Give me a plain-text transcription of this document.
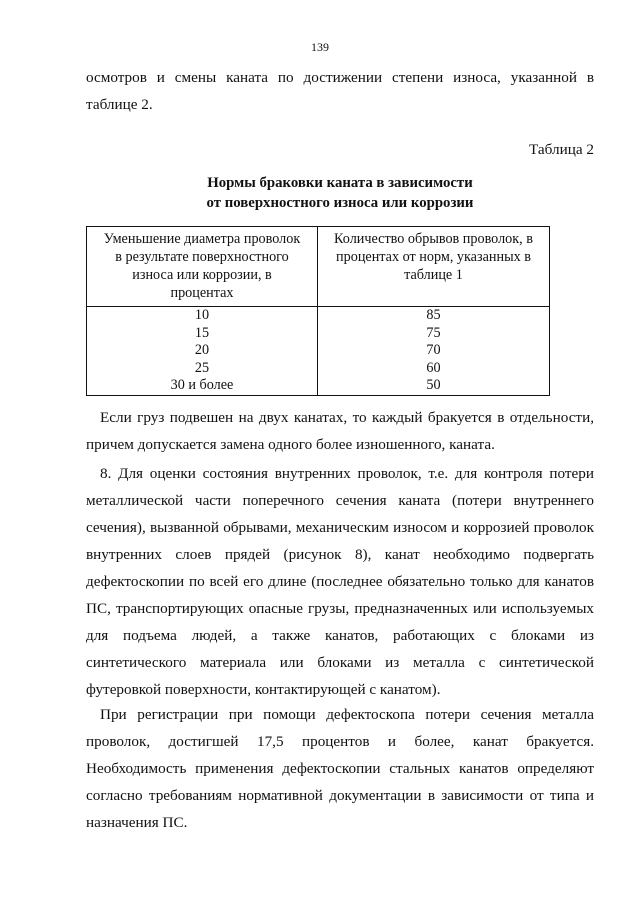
139

осмотров и смены каната по достижении степени износа, указанной в таблице 2.

Таблица 2
Нормы браковки каната в зависимости
от поверхностного износа или коррозии
Уменьшение диаметра проволок в результате поверхностного износа или коррозии, в процентах	Количество обрывов проволок, в процентах от норм, указанных в таблице 1
10	85
15	75
20	70
25	60
30 и более	50

Если груз подвешен на двух канатах, то каждый бракуется в отдельности, причем допускается замена одного более изношенного, каната.

8. Для оценки состояния внутренних проволок, т.е. для контроля потери металлической части поперечного сечения каната (потери внутреннего сечения), вызванной обрывами, механическим износом и коррозией проволок внутренних слоев прядей (рисунок 8), канат необходимо подвергать дефектоскопии по всей его длине (последнее обязательно только для канатов ПС, транспортирующих опасные грузы, предназначенных или используемых для подъема людей, а также канатов, работающих с блоками из синтетического материала или блоками из металла с синтетической футеровкой поверхности, контактирующей с канатом).

При регистрации при помощи дефектоскопа потери сечения металла проволок, достигшей 17,5 процентов и более, канат бракуется. Необходимость применения дефектоскопии стальных канатов определяют согласно требованиям нормативной документации в зависимости от типа и назначения ПС.
